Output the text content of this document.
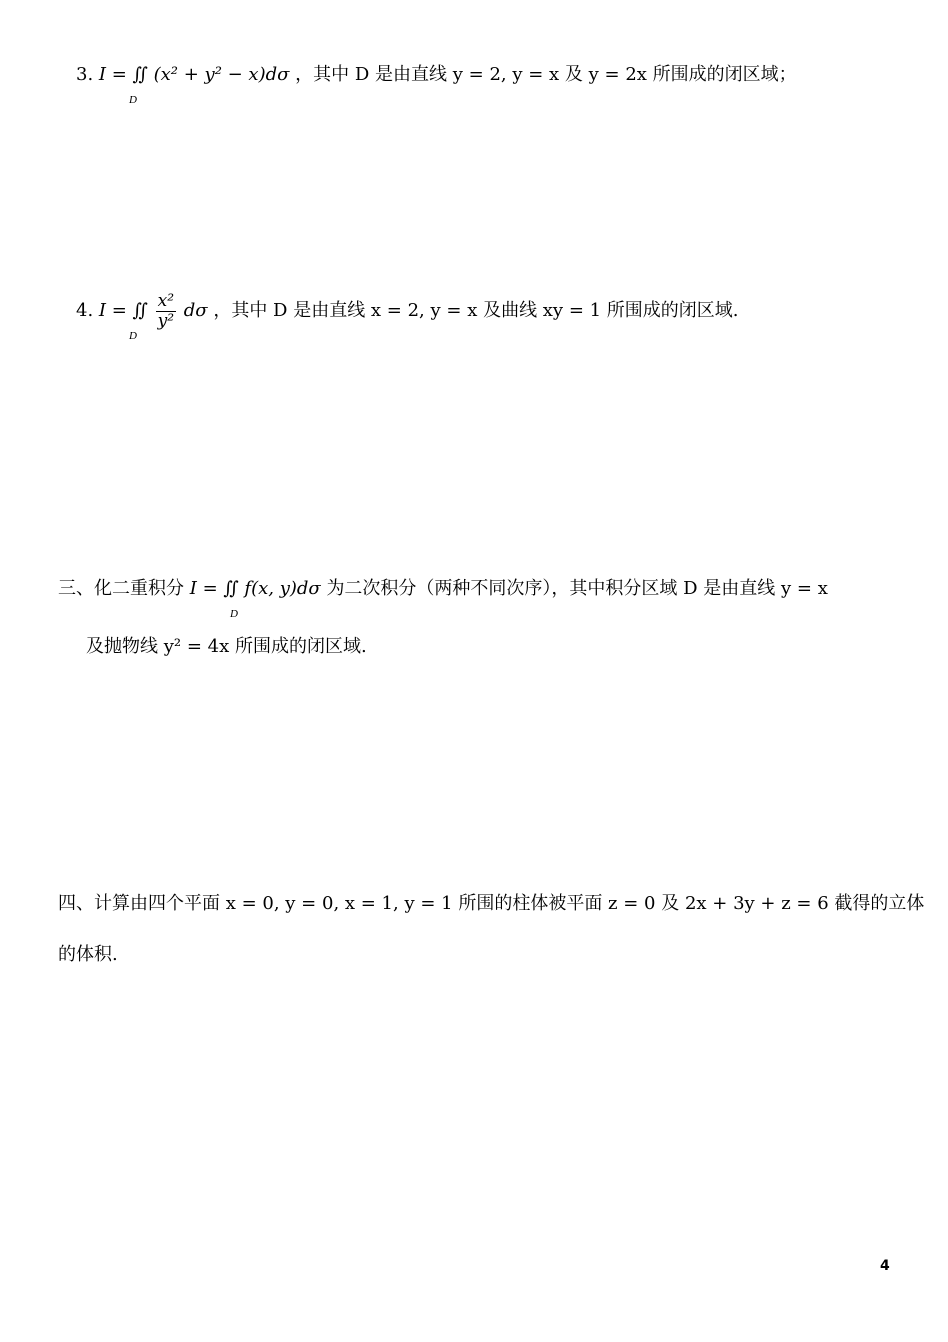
3. I = ∬ (x² + y² − x)dσ ，其中 D 是由直线 y = 2, y = x 及 y = 2x 所围成的闭区域；
D
4. I = ∬ $\frac{\text{x²}}{\text{y²}}$ dσ ，其中 D 是由直线 x = 2, y = x 及曲线 xy = 1 所围成的闭区域.
D
三、化二重积分 I = ∬ f(x, y)dσ 为二次积分（两种不同次序），其中积分区域 D 是由直线 y = x
D
及抛物线 y² = 4x 所围成的闭区域.
四、计算由四个平面 x = 0, y = 0, x = 1, y = 1 所围的柱体被平面 z = 0 及 2x + 3y + z = 6 截得的立体
的体积.
4
